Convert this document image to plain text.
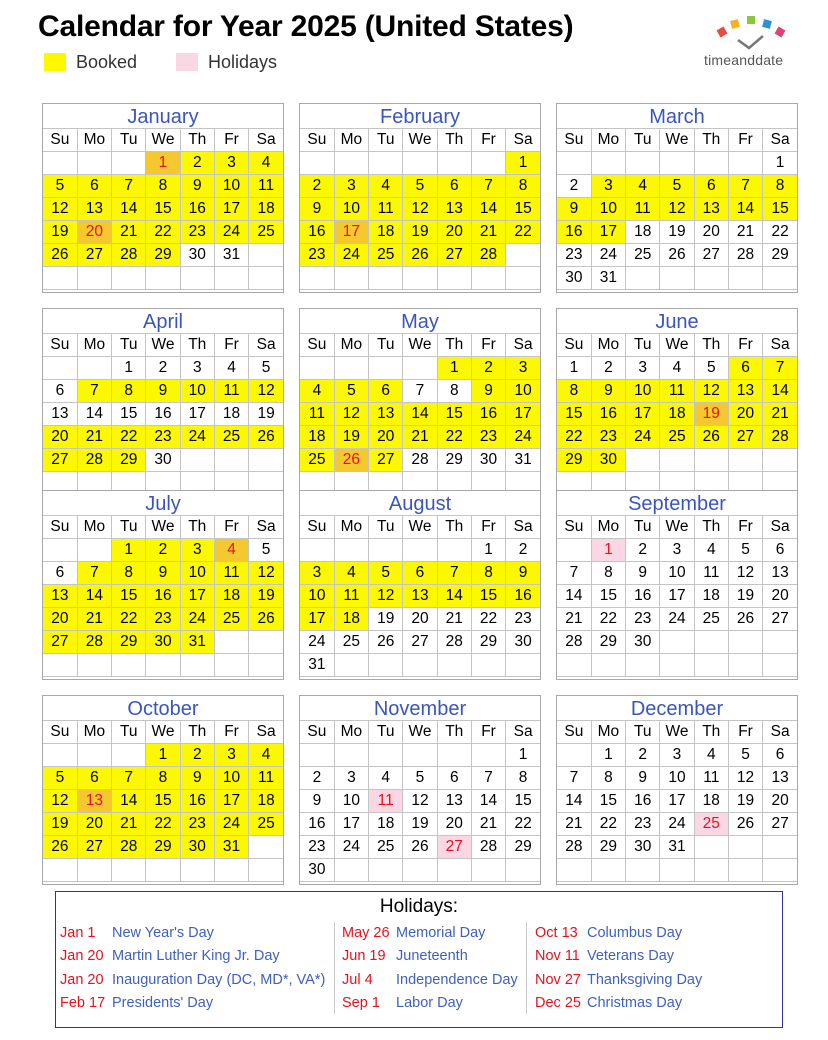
Calendar for Year 2025 (United States)
Booked	Holidays	timeanddate
January
Su	Mo	Tu	We	Th	Fr	Sa
			1	2	3	4
5	6	7	8	9	10	11
12	13	14	15	16	17	18
19	20	21	22	23	24	25
26	27	28	29	30	31	

February
Su	Mo	Tu	We	Th	Fr	Sa
						1
2	3	4	5	6	7	8
9	10	11	12	13	14	15
16	17	18	19	20	21	22
23	24	25	26	27	28	

March
Su	Mo	Tu	We	Th	Fr	Sa
						1
2	3	4	5	6	7	8
9	10	11	12	13	14	15
16	17	18	19	20	21	22
23	24	25	26	27	28	29
30	31					
April
Su	Mo	Tu	We	Th	Fr	Sa
		1	2	3	4	5
6	7	8	9	10	11	12
13	14	15	16	17	18	19
20	21	22	23	24	25	26
27	28	29	30			

May
Su	Mo	Tu	We	Th	Fr	Sa
				1	2	3
4	5	6	7	8	9	10
11	12	13	14	15	16	17
18	19	20	21	22	23	24
25	26	27	28	29	30	31

June
Su	Mo	Tu	We	Th	Fr	Sa
1	2	3	4	5	6	7
8	9	10	11	12	13	14
15	16	17	18	19	20	21
22	23	24	25	26	27	28
29	30					

July
Su	Mo	Tu	We	Th	Fr	Sa
		1	2	3	4	5
6	7	8	9	10	11	12
13	14	15	16	17	18	19
20	21	22	23	24	25	26
27	28	29	30	31		

August
Su	Mo	Tu	We	Th	Fr	Sa
					1	2
3	4	5	6	7	8	9
10	11	12	13	14	15	16
17	18	19	20	21	22	23
24	25	26	27	28	29	30
31						
September
Su	Mo	Tu	We	Th	Fr	Sa
	1	2	3	4	5	6
7	8	9	10	11	12	13
14	15	16	17	18	19	20
21	22	23	24	25	26	27
28	29	30				

October
Su	Mo	Tu	We	Th	Fr	Sa
			1	2	3	4
5	6	7	8	9	10	11
12	13	14	15	16	17	18
19	20	21	22	23	24	25
26	27	28	29	30	31	

November
Su	Mo	Tu	We	Th	Fr	Sa
						1
2	3	4	5	6	7	8
9	10	11	12	13	14	15
16	17	18	19	20	21	22
23	24	25	26	27	28	29
30						
December
Su	Mo	Tu	We	Th	Fr	Sa
	1	2	3	4	5	6
7	8	9	10	11	12	13
14	15	16	17	18	19	20
21	22	23	24	25	26	27
28	29	30	31			

Holidays:
Jan 1 New Year's Day
Jan 20 Martin Luther King Jr. Day
Jan 20 Inauguration Day (DC, MD*, VA*)
Feb 17 Presidents' Day
May 26 Memorial Day
Jun 19 Juneteenth
Jul 4 Independence Day
Sep 1 Labor Day
Oct 13 Columbus Day
Nov 11 Veterans Day
Nov 27 Thanksgiving Day
Dec 25 Christmas Day
